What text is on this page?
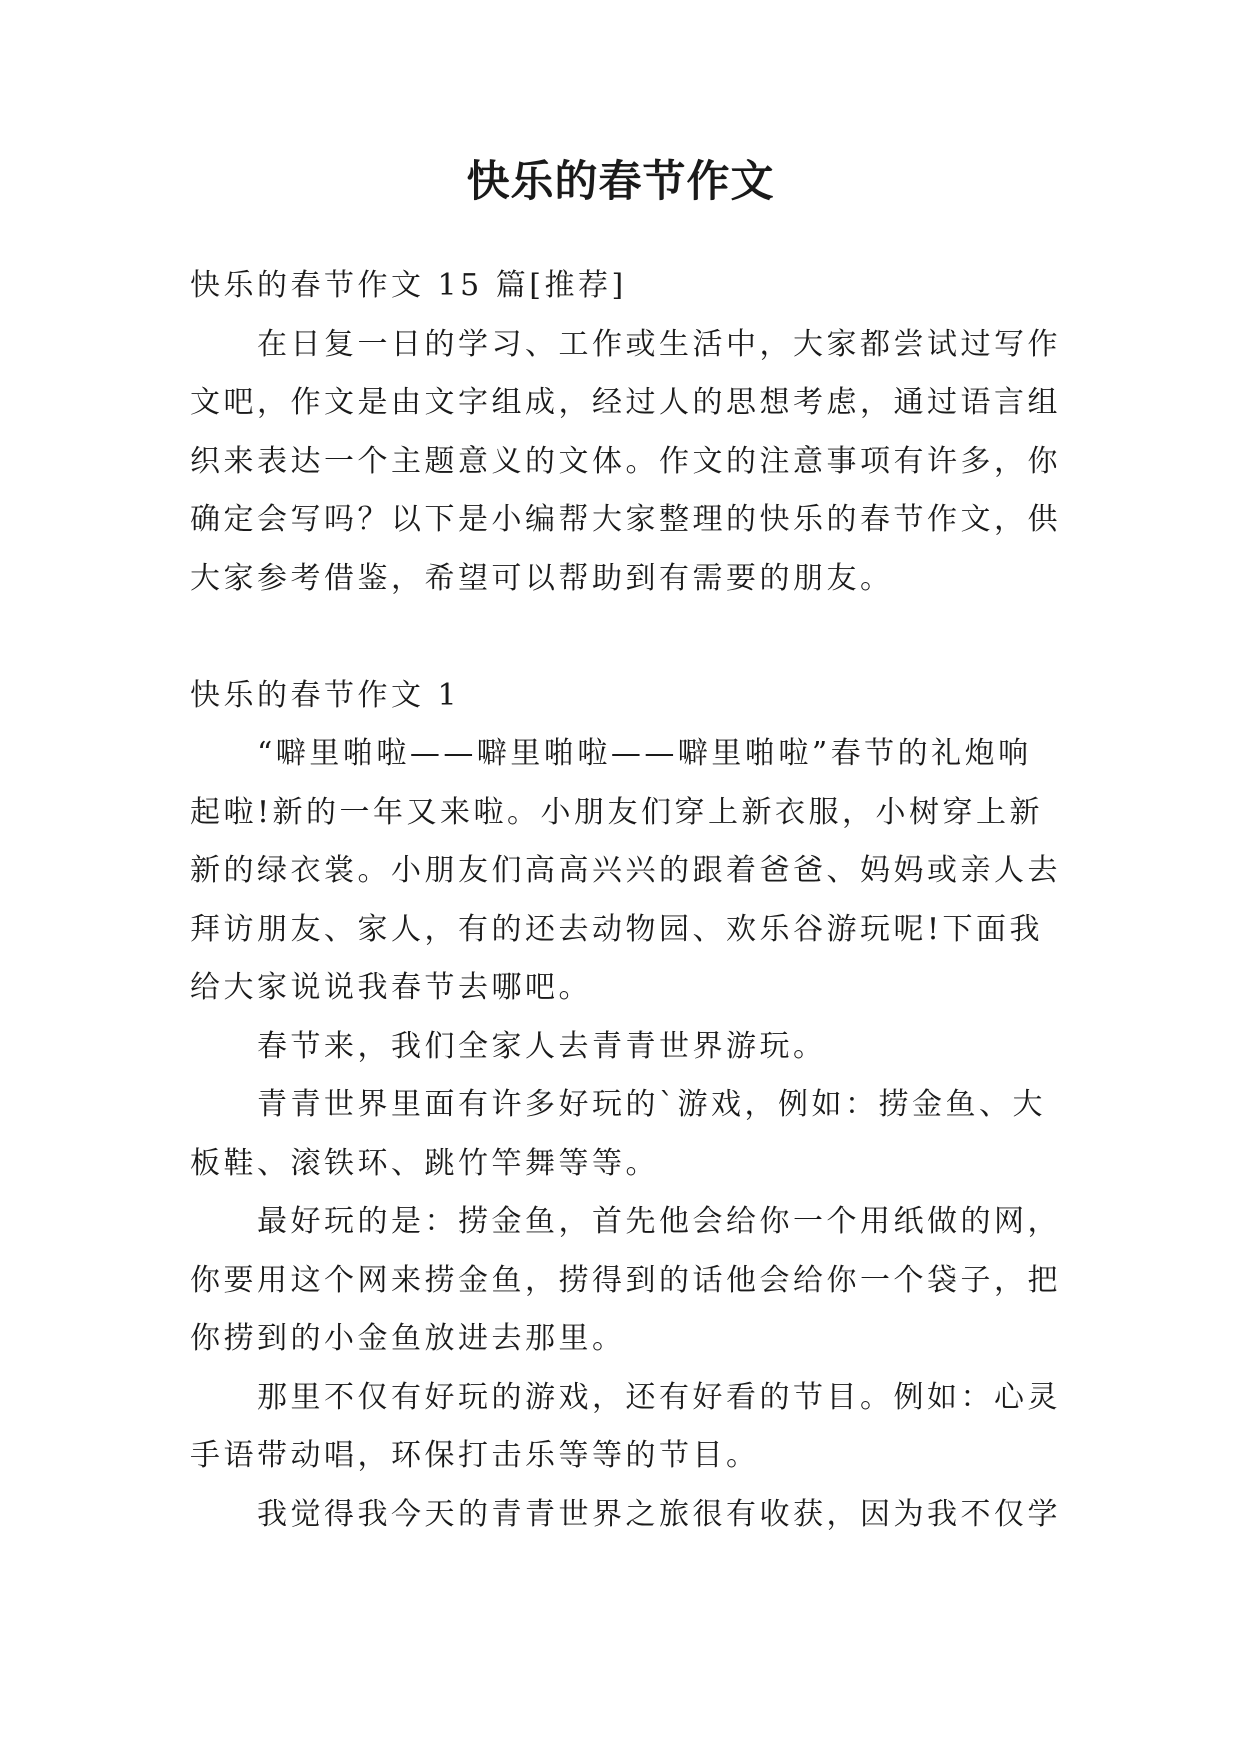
快乐的春节作文

快乐的春节作文 15 篇[推荐]

　　在日复一日的学习、工作或生活中，大家都尝试过写作

文吧，作文是由文字组成，经过人的思想考虑，通过语言组

织来表达一个主题意义的文体。作文的注意事项有许多，你

确定会写吗？以下是小编帮大家整理的快乐的春节作文，供

大家参考借鉴，希望可以帮助到有需要的朋友。

快乐的春节作文 1

　　“噼里啪啦——噼里啪啦——噼里啪啦”春节的礼炮响

起啦!新的一年又来啦。小朋友们穿上新衣服，小树穿上新

新的绿衣裳。小朋友们高高兴兴的跟着爸爸、妈妈或亲人去

拜访朋友、家人，有的还去动物园、欢乐谷游玩呢!下面我

给大家说说我春节去哪吧。

　　春节来，我们全家人去青青世界游玩。

　　青青世界里面有许多好玩的`游戏，例如：捞金鱼、大

板鞋、滚铁环、跳竹竿舞等等。

　　最好玩的是：捞金鱼，首先他会给你一个用纸做的网，

你要用这个网来捞金鱼，捞得到的话他会给你一个袋子，把

你捞到的小金鱼放进去那里。

　　那里不仅有好玩的游戏，还有好看的节目。例如：心灵

手语带动唱，环保打击乐等等的节目。

　　我觉得我今天的青青世界之旅很有收获，因为我不仅学
